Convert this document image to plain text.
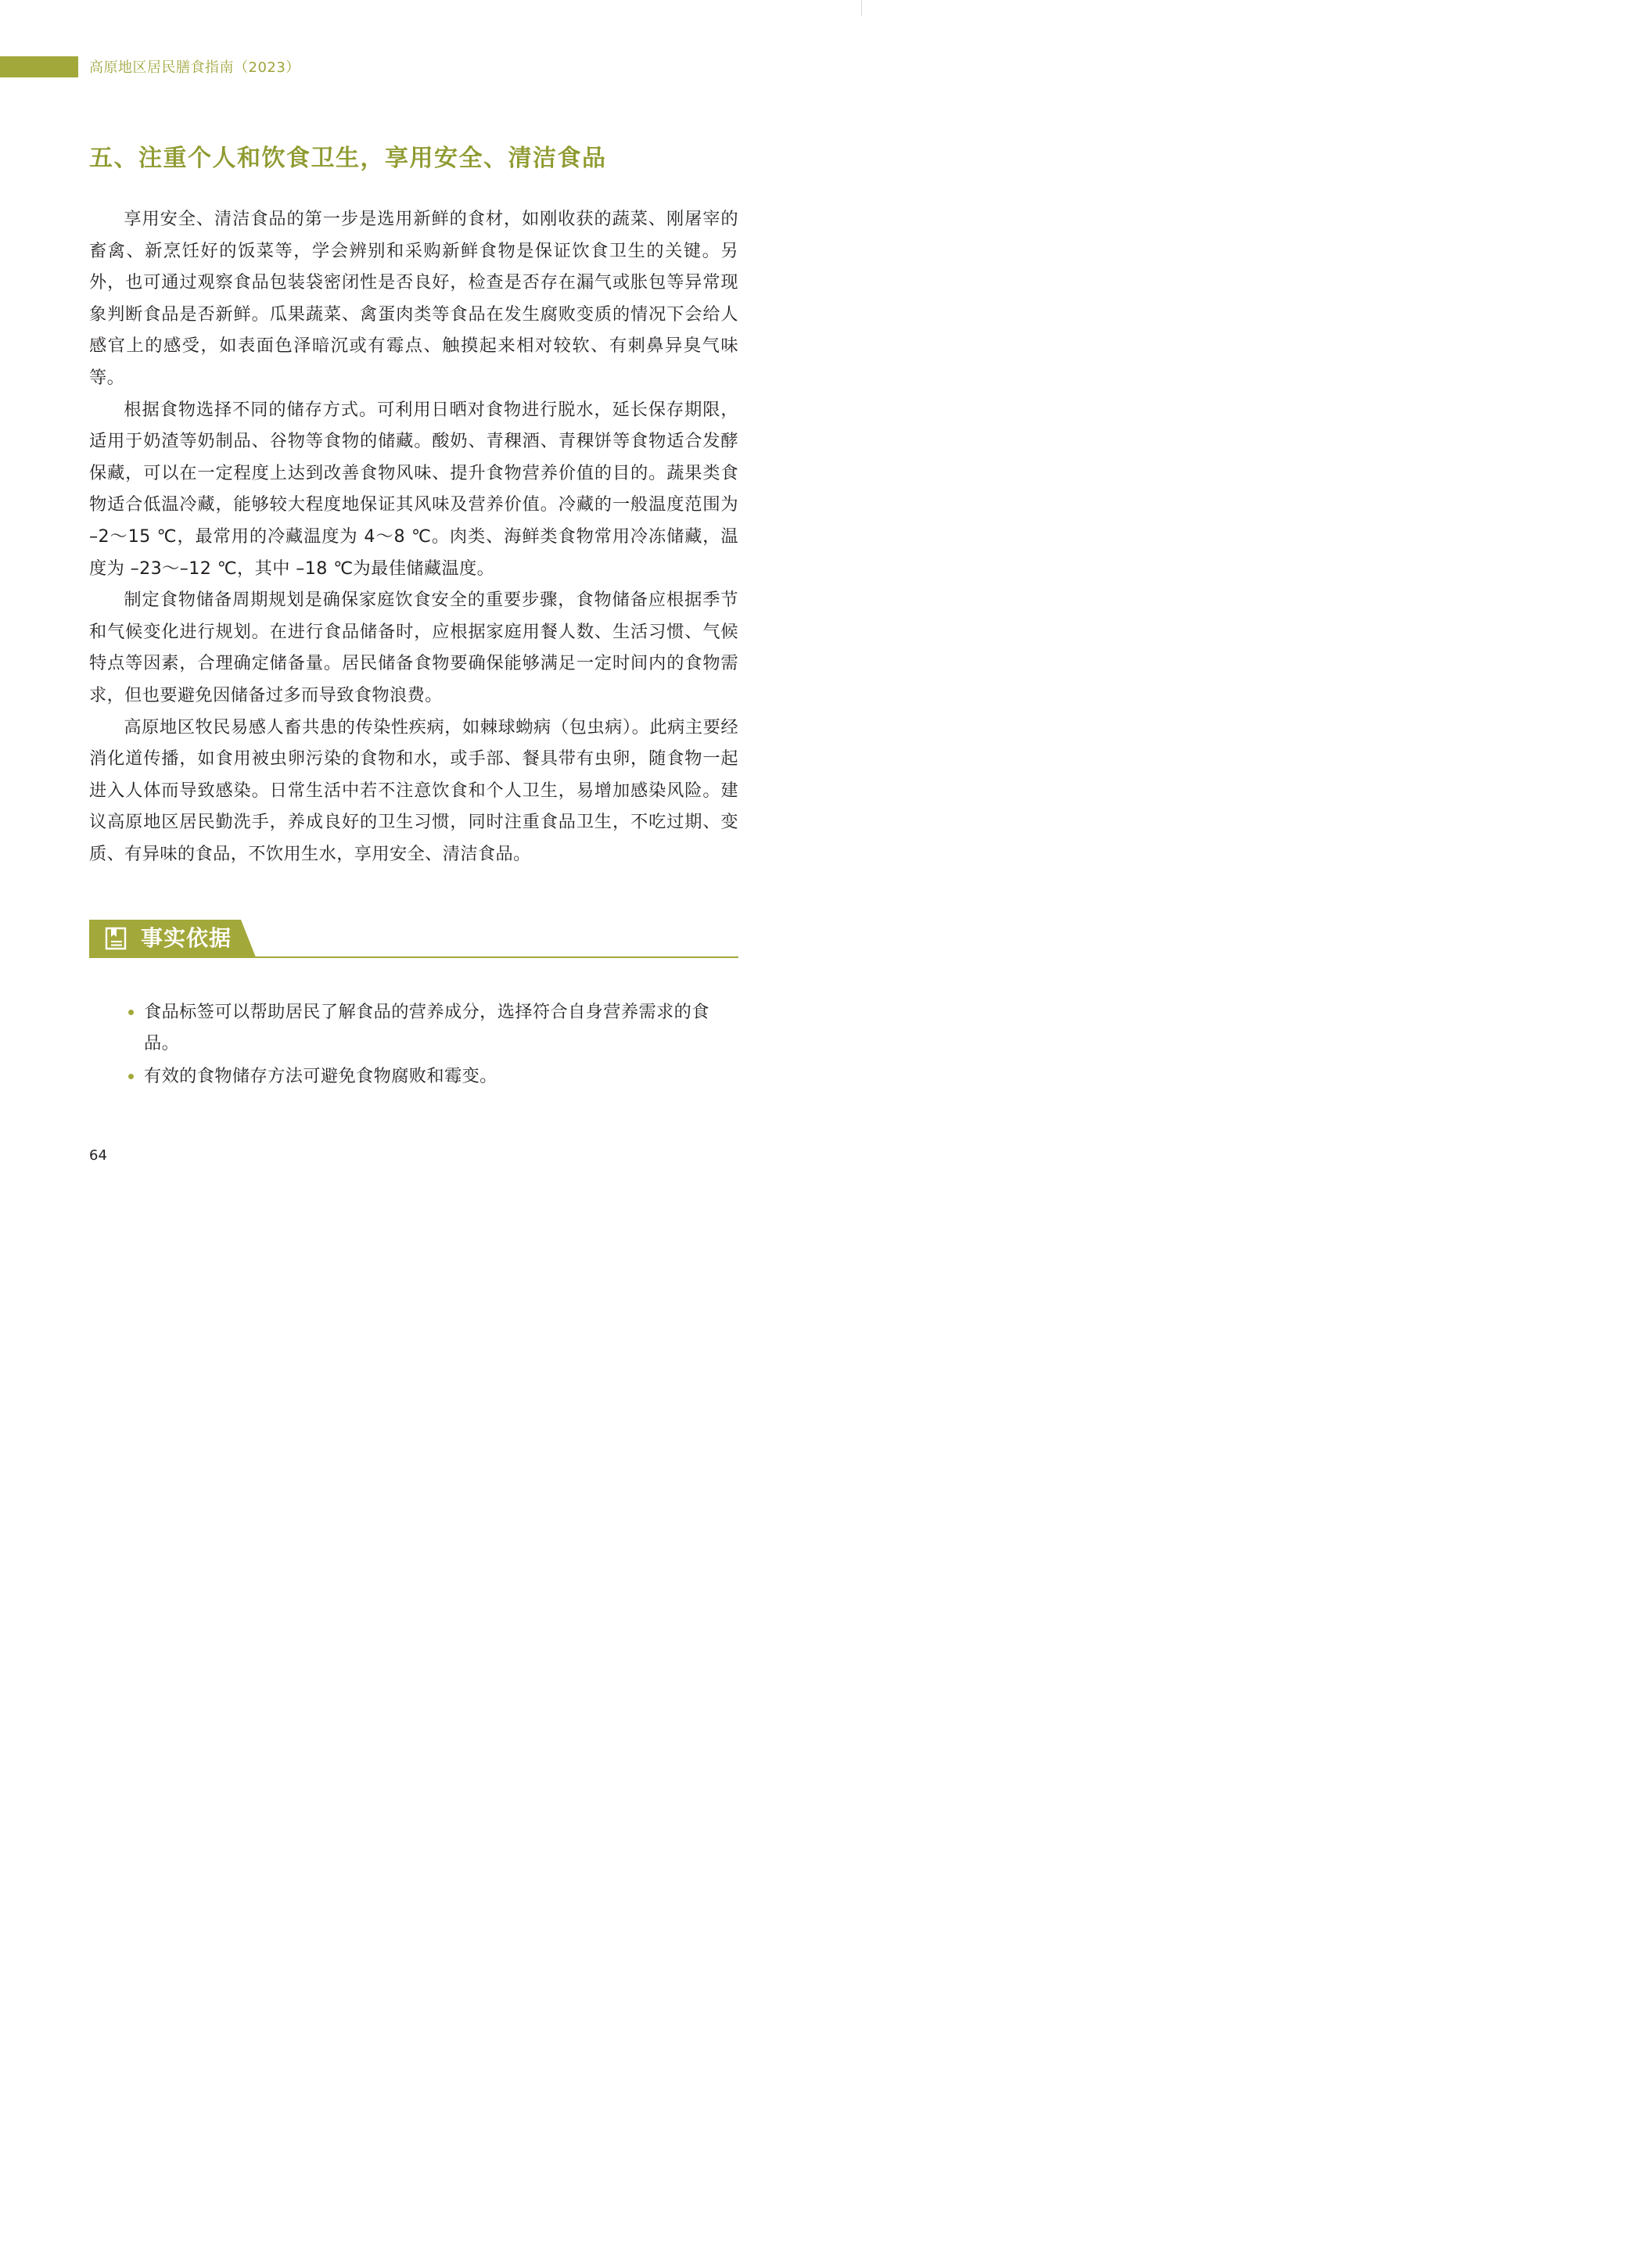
高原地区居民膳食指南（2023）
五、注重个人和饮食卫生，享用安全、清洁食品

享用安全、清洁食品的第一步是选用新鲜的食材，如刚收获的蔬菜、刚屠宰的畜禽、新烹饪好的饭菜等，学会辨别和采购新鲜食物是保证饮食卫生的关键。另外，也可通过观察食品包装袋密闭性是否良好，检查是否存在漏气或胀包等异常现象判断食品是否新鲜。瓜果蔬菜、禽蛋肉类等食品在发生腐败变质的情况下会给人感官上的感受，如表面色泽暗沉或有霉点、触摸起来相对较软、有刺鼻异臭气味等。

根据食物选择不同的储存方式。可利用日晒对食物进行脱水，延长保存期限，适用于奶渣等奶制品、谷物等食物的储藏。酸奶、青稞酒、青稞饼等食物适合发酵保藏，可以在一定程度上达到改善食物风味、提升食物营养价值的目的。蔬果类食物适合低温冷藏，能够较大程度地保证其风味及营养价值。冷藏的一般温度范围为 –2～15 ℃，最常用的冷藏温度为 4～8 ℃。肉类、海鲜类食物常用冷冻储藏，温度为 –23～–12 ℃，其中 –18 ℃为最佳储藏温度。

制定食物储备周期规划是确保家庭饮食安全的重要步骤，食物储备应根据季节和气候变化进行规划。在进行食品储备时，应根据家庭用餐人数、生活习惯、气候特点等因素，合理确定储备量。居民储备食物要确保能够满足一定时间内的食物需求，但也要避免因储备过多而导致食物浪费。

高原地区牧民易感人畜共患的传染性疾病，如棘球蚴病（包虫病）。此病主要经消化道传播，如食用被虫卵污染的食物和水，或手部、餐具带有虫卵，随食物一起进入人体而导致感染。日常生活中若不注意饮食和个人卫生，易增加感染风险。建议高原地区居民勤洗手，养成良好的卫生习惯，同时注重食品卫生，不吃过期、变质、有异味的食品，不饮用生水，享用安全、清洁食品。

事实依据
食品标签可以帮助居民了解食品的营养成分，选择符合自身营养需求的食品。
有效的食物储存方法可避免食物腐败和霉变。
64
